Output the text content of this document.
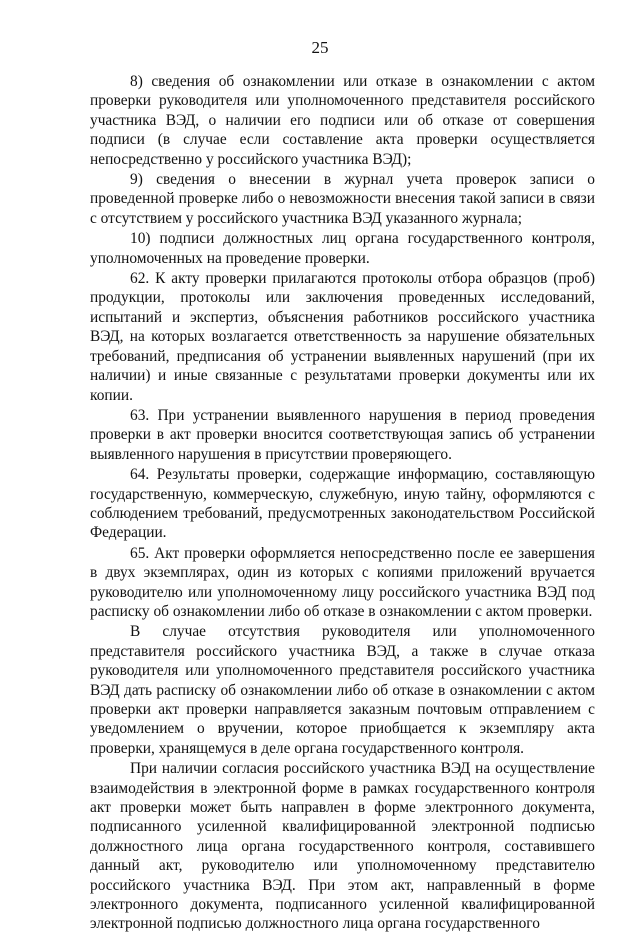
25

8) сведения об ознакомлении или отказе в ознакомлении с актом проверки руководителя или уполномоченного представителя российского участника ВЭД, о наличии его подписи или об отказе от совершения подписи (в случае если составление акта проверки осуществляется непосредственно у российского участника ВЭД);

9) сведения о внесении в журнал учета проверок записи о проведенной проверке либо о невозможности внесения такой записи в связи с отсутствием у российского участника ВЭД указанного журнала;

10) подписи должностных лиц органа государственного контроля, уполномоченных на проведение проверки.

62. К акту проверки прилагаются протоколы отбора образцов (проб) продукции, протоколы или заключения проведенных исследований, испытаний и экспертиз, объяснения работников российского участника ВЭД, на которых возлагается ответственность за нарушение обязательных требований, предписания об устранении выявленных нарушений (при их наличии) и иные связанные с результатами проверки документы или их копии.

63. При устранении выявленного нарушения в период проведения проверки в акт проверки вносится соответствующая запись об устранении выявленного нарушения в присутствии проверяющего.

64. Результаты проверки, содержащие информацию, составляющую государственную, коммерческую, служебную, иную тайну, оформляются с соблюдением требований, предусмотренных законодательством Российской Федерации.

65. Акт проверки оформляется непосредственно после ее завершения в двух экземплярах, один из которых с копиями приложений вручается руководителю или уполномоченному лицу российского участника ВЭД под расписку об ознакомлении либо об отказе в ознакомлении с актом проверки.

В случае отсутствия руководителя или уполномоченного представителя российского участника ВЭД, а также в случае отказа руководителя или уполномоченного представителя российского участника ВЭД дать расписку об ознакомлении либо об отказе в ознакомлении с актом проверки акт проверки направляется заказным почтовым отправлением с уведомлением о вручении, которое приобщается к экземпляру акта проверки, хранящемуся в деле органа государственного контроля.

При наличии согласия российского участника ВЭД на осуществление взаимодействия в электронной форме в рамках государственного контроля акт проверки может быть направлен в форме электронного документа, подписанного усиленной квалифицированной электронной подписью должностного лица органа государственного контроля, составившего данный акт, руководителю или уполномоченному представителю российского участника ВЭД. При этом акт, направленный в форме электронного документа, подписанного усиленной квалифицированной электронной подписью должностного лица органа государственного
